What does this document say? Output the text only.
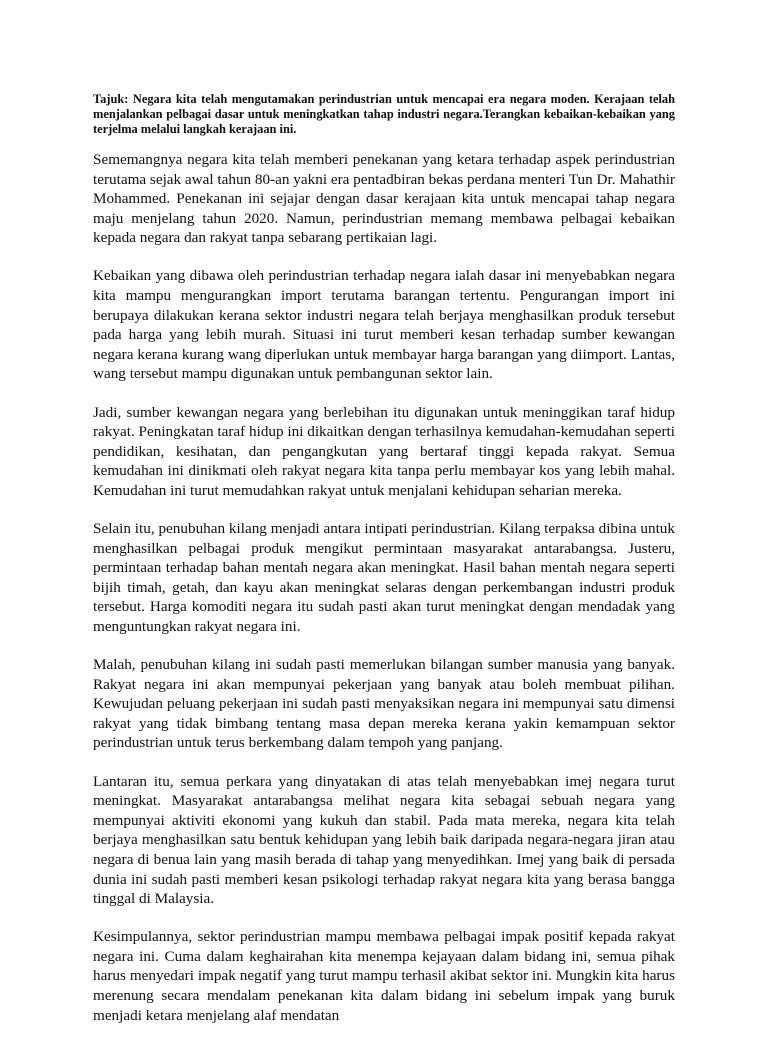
Tajuk: Negara kita telah mengutamakan perindustrian untuk mencapai era negara moden. Kerajaan telah menjalankan pelbagai dasar untuk meningkatkan tahap industri negara.Terangkan kebaikan-kebaikan yang terjelma melalui langkah kerajaan ini.

Sememangnya negara kita telah memberi penekanan yang ketara terhadap aspek perindustrian terutama sejak awal tahun 80-an yakni era pentadbiran bekas perdana menteri Tun Dr. Mahathir Mohammed. Penekanan ini sejajar dengan dasar kerajaan kita untuk mencapai tahap negara maju menjelang tahun 2020. Namun, perindustrian memang membawa pelbagai kebaikan kepada negara dan rakyat tanpa sebarang pertikaian lagi.

Kebaikan yang dibawa oleh perindustrian terhadap negara ialah dasar ini menyebabkan negara kita mampu mengurangkan import terutama barangan tertentu. Pengurangan import ini berupaya dilakukan kerana sektor industri negara telah berjaya menghasilkan produk tersebut pada harga yang lebih murah. Situasi ini turut memberi kesan terhadap sumber kewangan negara kerana kurang wang diperlukan untuk membayar harga barangan yang diimport. Lantas, wang tersebut mampu digunakan untuk pembangunan sektor lain.

Jadi, sumber kewangan negara yang berlebihan itu digunakan untuk meninggikan taraf hidup rakyat. Peningkatan taraf hidup ini dikaitkan dengan terhasilnya kemudahan-kemudahan seperti pendidikan, kesihatan, dan pengangkutan yang bertaraf tinggi kepada rakyat. Semua kemudahan ini dinikmati oleh rakyat negara kita tanpa perlu membayar kos yang lebih mahal. Kemudahan ini turut memudahkan rakyat untuk menjalani kehidupan seharian mereka.

Selain itu, penubuhan kilang menjadi antara intipati perindustrian. Kilang terpaksa dibina untuk menghasilkan pelbagai produk mengikut permintaan masyarakat antarabangsa. Justeru, permintaan terhadap bahan mentah negara akan meningkat. Hasil bahan mentah negara seperti bijih timah, getah, dan kayu akan meningkat selaras dengan perkembangan industri produk tersebut. Harga komoditi negara itu sudah pasti akan turut meningkat dengan mendadak yang menguntungkan rakyat negara ini.

Malah, penubuhan kilang ini sudah pasti memerlukan bilangan sumber manusia yang banyak. Rakyat negara ini akan mempunyai pekerjaan yang banyak atau boleh membuat pilihan. Kewujudan peluang pekerjaan ini sudah pasti menyaksikan negara ini mempunyai satu dimensi rakyat yang tidak bimbang tentang masa depan mereka kerana yakin kemampuan sektor perindustrian untuk terus berkembang dalam tempoh yang panjang.

Lantaran itu, semua perkara yang dinyatakan di atas telah menyebabkan imej negara turut meningkat. Masyarakat antarabangsa melihat negara kita sebagai sebuah negara yang mempunyai aktiviti ekonomi yang kukuh dan stabil. Pada mata mereka, negara kita telah berjaya menghasilkan satu bentuk kehidupan yang lebih baik daripada negara-negara jiran atau negara di benua lain yang masih berada di tahap yang menyedihkan. Imej yang baik di persada dunia ini sudah pasti memberi kesan psikologi terhadap rakyat negara kita yang berasa bangga tinggal di Malaysia.

Kesimpulannya, sektor perindustrian mampu membawa pelbagai impak positif kepada rakyat negara ini. Cuma dalam keghairahan kita menempa kejayaan dalam bidang ini, semua pihak harus menyedari impak negatif yang turut mampu terhasil akibat sektor ini. Mungkin kita harus merenung secara mendalam penekanan kita dalam bidang ini sebelum impak yang buruk menjadi ketara menjelang alaf mendatan
